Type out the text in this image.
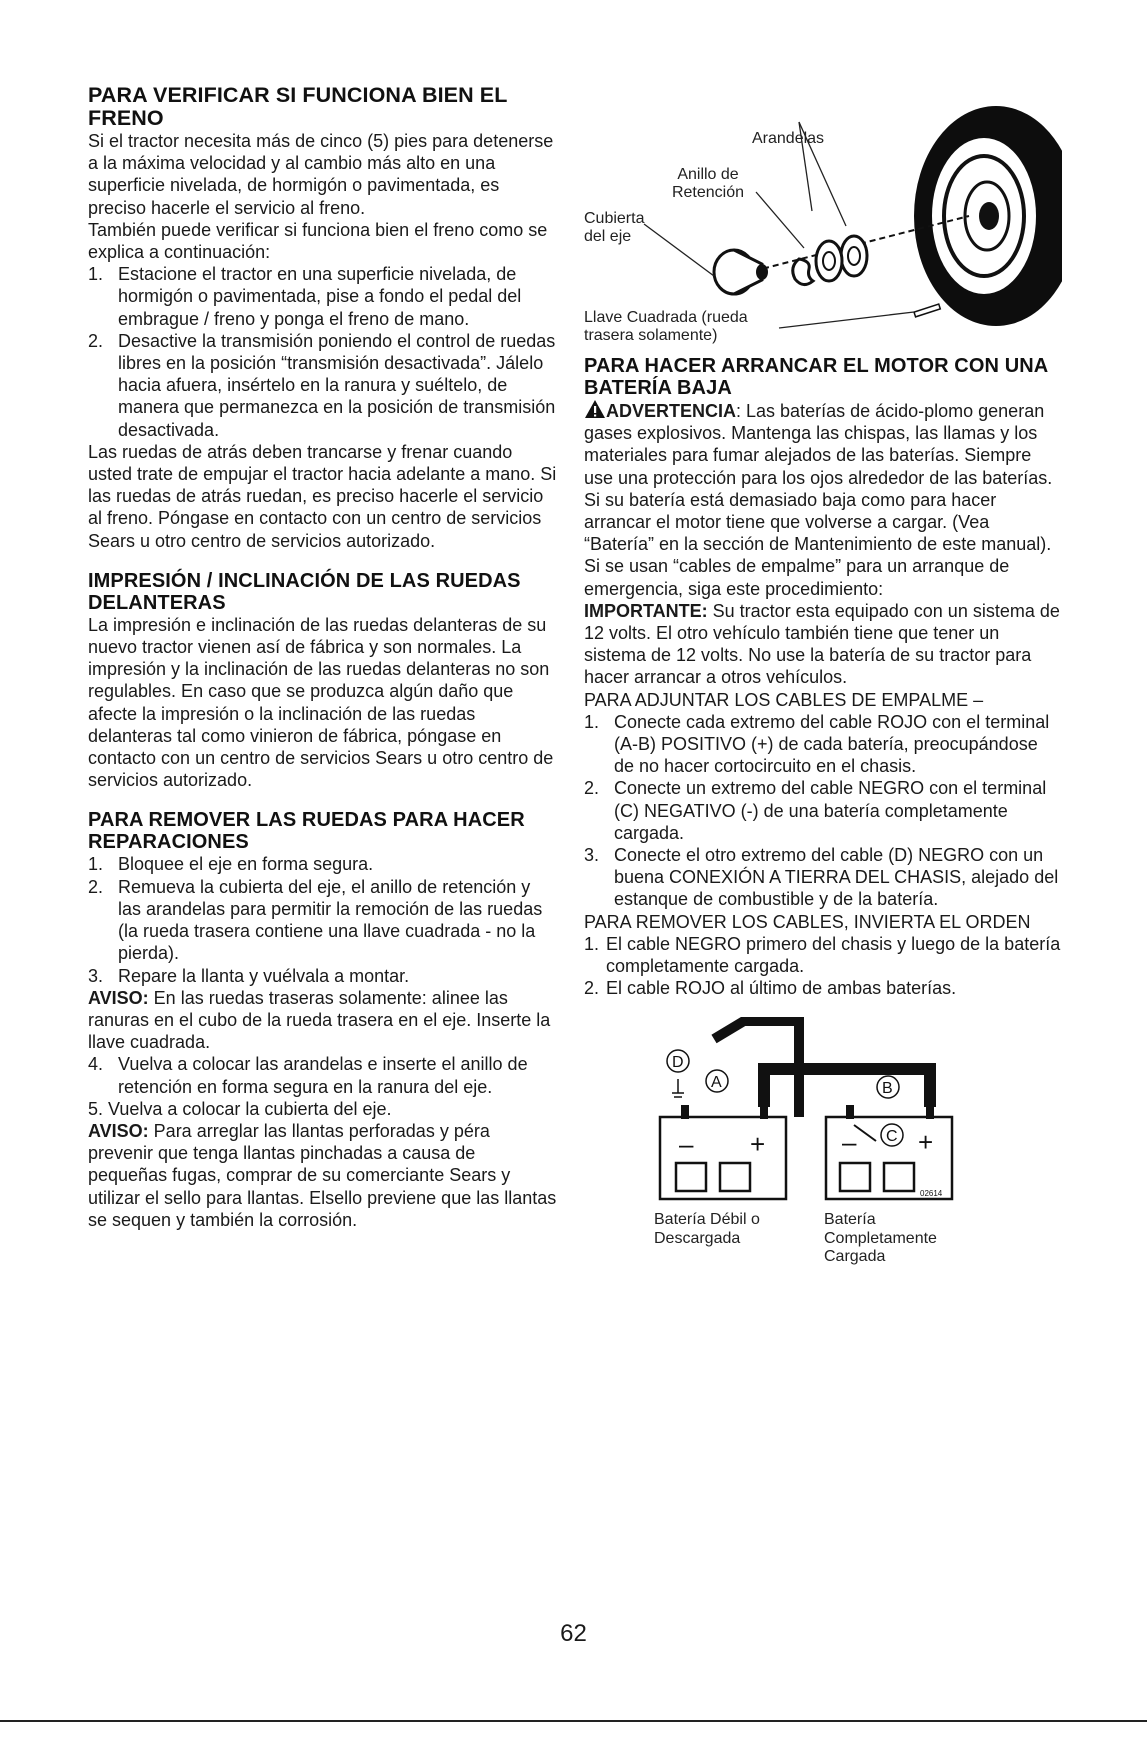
PARA VERIFICAR SI FUNCIONA BIEN EL FRENO

Si el tractor necesita más de cinco (5) pies para detenerse a la máxima velocidad y al cambio más alto en una superficie nivelada, de hormigón o pavimentada, es preciso hacerle el servicio al freno.

También puede verificar si funciona bien el freno como se explica a continuación:

1. Estacione el tractor en una superficie nivelada, de hormigón o pavimentada, pise a fondo el pedal del embrague / freno y ponga el freno de mano.
2. Desactive la transmisión poniendo el control de ruedas libres en la posición “transmisión desactivada”. Jálelo hacia afuera, insértelo en la ranura y suéltelo, de manera que permanezca en la posición de transmisión desactivada.

Las ruedas de atrás deben trancarse y frenar cuando usted trate de empujar el tractor hacia adelante a mano. Si las ruedas de atrás ruedan, es preciso hacerle el servicio al freno. Póngase en contacto con un centro de servicios Sears u otro centro de servicios autorizado.

IMPRESIÓN / INCLINACIÓN DE LAS RUEDAS DELANTERAS

La impresión e inclinación de las ruedas delanteras de su nuevo tractor vienen así de fábrica y son normales. La impresión y la inclinación de las ruedas delanteras no son regulables. En caso que se produzca algún daño que afecte la impresión o la inclinación de las ruedas delanteras tal como vinieron de fábrica, póngase en contacto con un centro de servicios Sears u otro centro de servicios autorizado.

PARA REMOVER LAS RUEDAS PARA HACER REPARACIONES
1. Bloquee el eje en forma segura.
2. Remueva la cubierta del eje, el anillo de retención y las arandelas para permitir la remoción de las ruedas (la rueda trasera contiene una llave cuadrada - no la pierda).
3. Repare la llanta y vuélvala a montar.

AVISO: En las ruedas traseras solamente: alinee las ranuras en el cubo de la rueda trasera en el eje. Inserte la llave cuadrada.

4. Vuelva a colocar las arandelas e inserte el anillo de retención en forma segura en la ranura del eje.

5. Vuelva a colocar la cubierta del eje.

AVISO: Para arreglar las llantas perforadas y péra prevenir que tenga llantas pinchadas a causa de pequeñas fugas, comprar de su comerciante Sears y utilizar el sello para llantas. Elsello previene que las llantas se sequen y también la corrosión.

Arandelas
Anillo de Retención
Cubierta del eje
Llave Cuadrada (rueda trasera solamente)
PARA HACER ARRANCAR EL MOTOR CON UNA BATERÍA BAJA

ADVERTENCIA: Las baterías de ácido-plomo generan gases explosivos. Mantenga las chispas, las llamas y los materiales para fumar alejados de las baterías. Siempre use una protección para los ojos alrededor de las baterías. Si su batería está demasiado baja como para hacer arrancar el motor tiene que volverse a cargar. (Vea “Batería” en la sección de Mantenimiento de este manual).

Si se usan “cables de empalme” para un arranque de emergencia, siga este procedimiento:

IMPORTANTE: Su tractor esta equipado con un sistema de 12 volts. El otro vehículo también tiene que tener un sistema de 12 volts. No use la batería de su tractor para hacer arrancar a otros vehículos.

PARA ADJUNTAR LOS CABLES DE EMPALME –

1. Conecte cada extremo del cable ROJO con el terminal (A-B) POSITIVO (+) de cada batería, preocupándose de no hacer cortocircuito en el chasis.
2. Conecte un extremo del cable NEGRO con el terminal (C) NEGATIVO (-) de una batería completamente cargada.
3. Conecte el otro extremo del cable (D) NEGRO con un buena CONEXIÓN A TIERRA DEL CHASIS, alejado del estanque de combustible y de la batería.

PARA REMOVER LOS CABLES, INVIERTA EL ORDEN

1. El cable NEGRO primero del chasis y luego de la batería completamente cargada.
2. El cable ROJO al último de ambas baterías.
– +	– +
D
A	B
C
02614
Batería Débil o Descargada
Batería Completamente Cargada
62
